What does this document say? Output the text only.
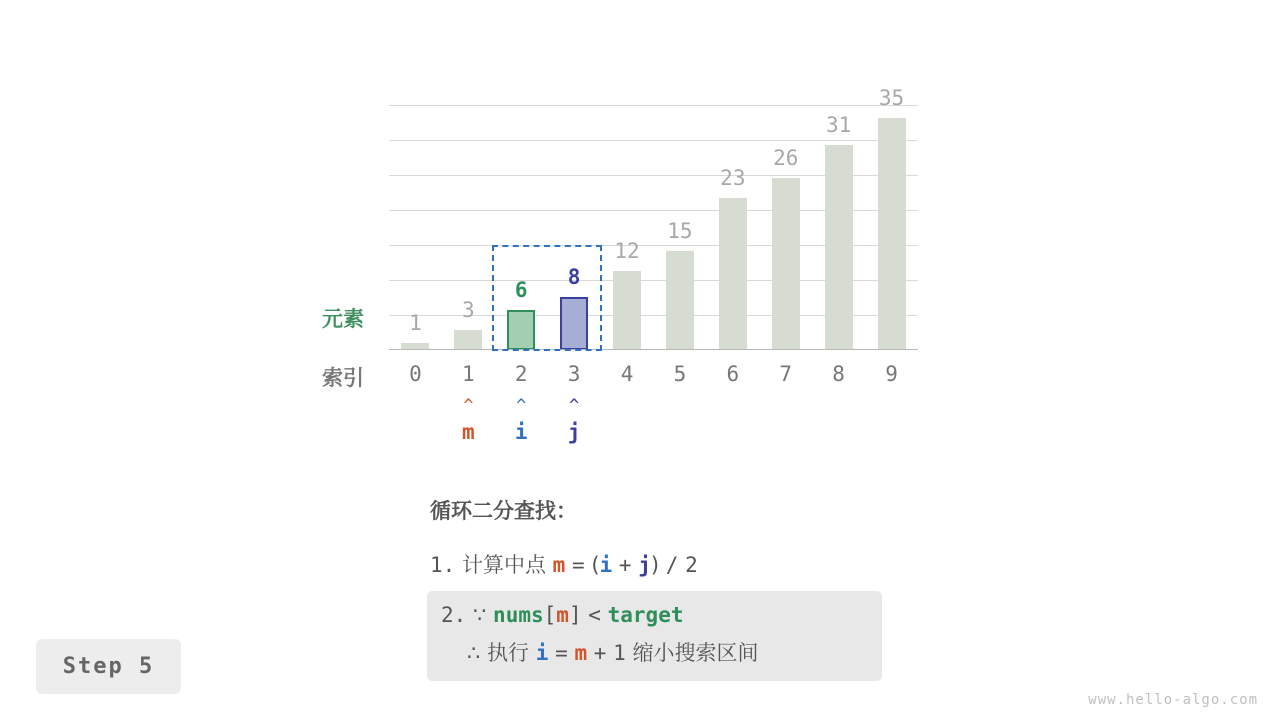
1
3
6
8
12
15
23
26
31
35
元素
索引	0	1	2	3	4	5	6	7	8	9
^
m
^
i
^
j
循环二分查找：
1. 计算中点 m = (i + j) / 2
2. ∵ nums[m] < target
∴ 执行 i = m + 1 缩小搜索区间
Step 5
www.hello-algo.com
